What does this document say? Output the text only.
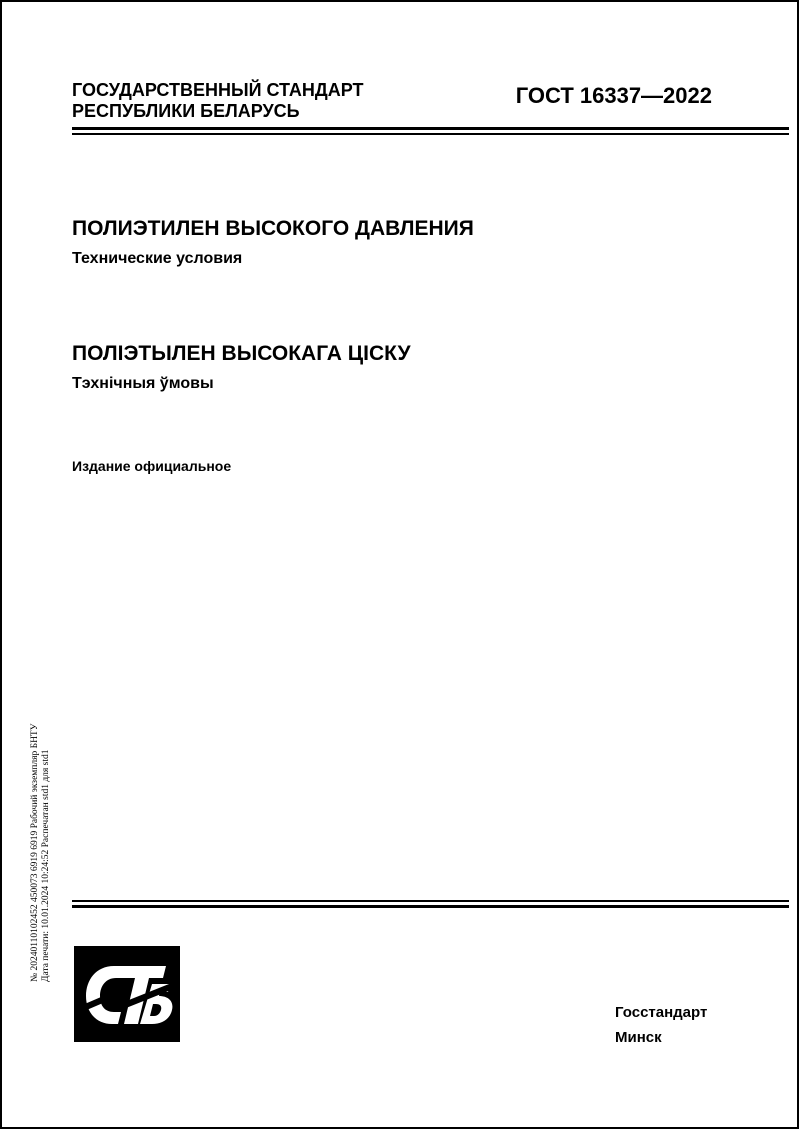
ГОСУДАРСТВЕННЫЙ СТАНДАРТ
РЕСПУБЛИКИ БЕЛАРУСЬ
ГОСТ 16337—2022
ПОЛИЭТИЛЕН ВЫСОКОГО ДАВЛЕНИЯ
Технические условия
ПОЛІЭТЫЛЕН ВЫСОКАГА ЦІСКУ
Тэхнічныя ўмовы
Издание официальное
№ 20240110102452 450073 6919 6919 Рабочий экземпляр БНТУ Дата печати: 10.01.2024 10:24:52 Распечатан std1 для std1
Госстандарт
Минск
